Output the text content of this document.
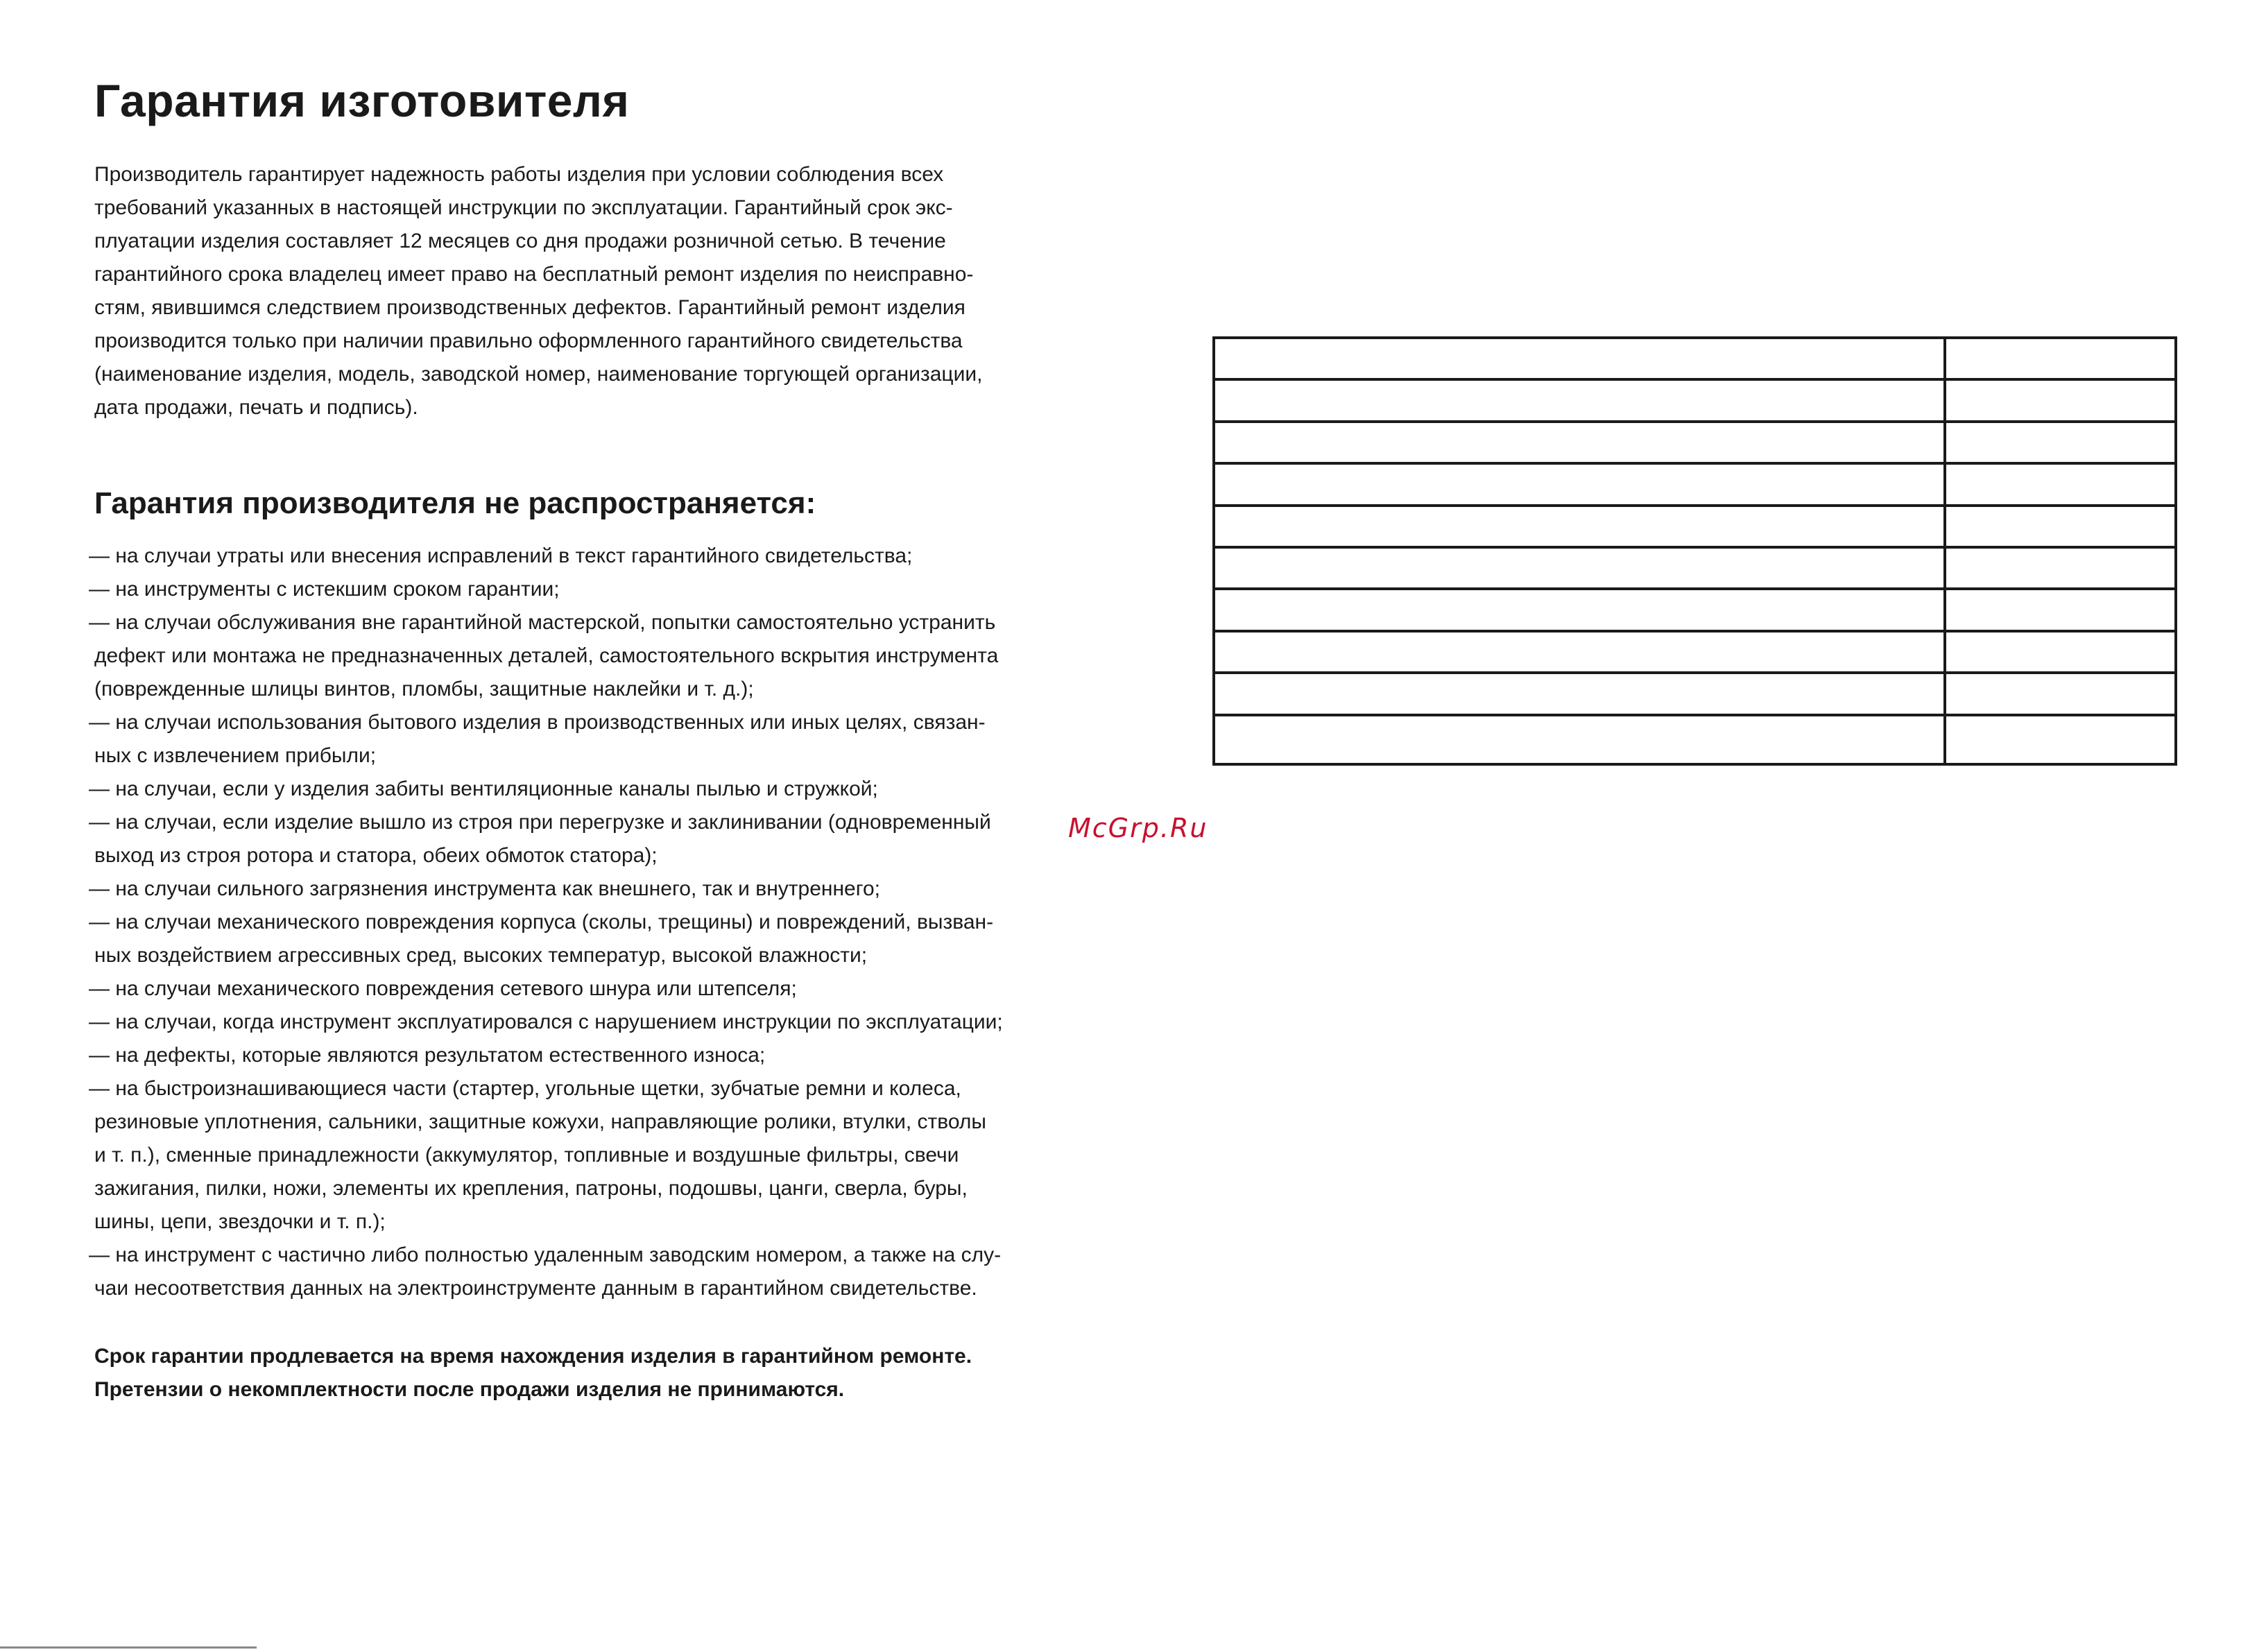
Гарантия изготовителя

Производитель гарантирует надежность работы изделия при условии соблюдения всех
требований указанных в настоящей инструкции по эксплуатации. Гарантийный срок экс-
плуатации изделия составляет 12 месяцев со дня продажи розничной сетью. В течение
гарантийного срока владелец имеет право на бесплатный ремонт изделия по неисправно-
стям, явившимся следствием производственных дефектов. Гарантийный ремонт изделия
производится только при наличии правильно оформленного гарантийного свидетельства
(наименование изделия, модель, заводской номер, наименование торгующей организации,
дата продажи, печать и подпись).

Гарантия производителя не распространяется:
— на случаи утраты или внесения исправлений в текст гарантийного свидетельства;
— на инструменты с истекшим сроком гарантии;
— на случаи обслуживания вне гарантийной мастерской, попытки самостоятельно устранить
дефект или монтажа не предназначенных деталей, самостоятельного вскрытия инструмента
(поврежденные шлицы винтов, пломбы, защитные наклейки и т. д.);
— на случаи использования бытового изделия в производственных или иных целях, связан-
ных с извлечением прибыли;
— на случаи, если у изделия забиты вентиляционные каналы пылью и стружкой;
— на случаи, если изделие вышло из строя при перегрузке и заклинивании (одновременный
выход из строя ротора и статора, обеих обмоток статора);
— на случаи сильного загрязнения инструмента как внешнего, так и внутреннего;
— на случаи механического повреждения корпуса (сколы, трещины) и повреждений, вызван-
ных воздействием агрессивных сред, высоких температур, высокой влажности;
— на случаи механического повреждения сетевого шнура или штепселя;
— на случаи, когда инструмент эксплуатировался с нарушением инструкции по эксплуатации;
— на дефекты, которые являются результатом естественного износа;
— на быстроизнашивающиеся части (стартер, угольные щетки, зубчатые ремни и колеса,
резиновые уплотнения, сальники, защитные кожухи, направляющие ролики, втулки, стволы
и т. п.), сменные принадлежности (аккумулятор, топливные и воздушные фильтры, свечи
зажигания, пилки, ножи, элементы их крепления, патроны, подошвы, цанги, сверла, буры,
шины, цепи, звездочки и т. п.);
— на инструмент с частично либо полностью удаленным заводским номером, а также на слу-
чаи несоответствия данных на электроинструменте данным в гарантийном свидетельстве.

Срок гарантии продлевается на время нахождения изделия в гарантийном ремонте.
Претензии о некомплектности после продажи изделия не принимаются.

McGrp.Ru
